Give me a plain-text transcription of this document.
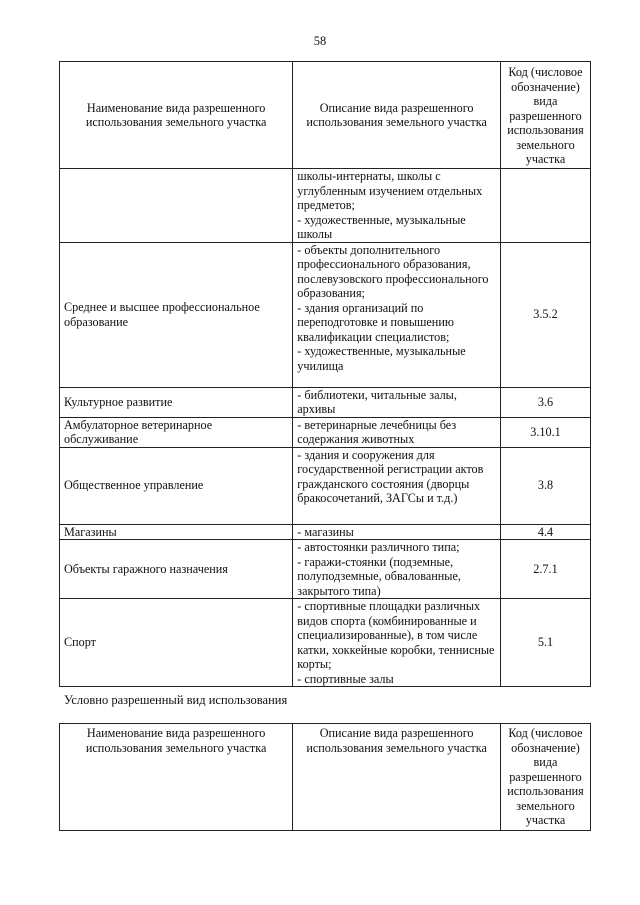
58
Наименование вида разрешенного использования земельного участка	Описание вида разрешенного использования земельного участка	Код (числовое обозначение) вида разрешенного использования земельного участка

	школы-интернаты, школы с углубленным изучением отдельных предметов;
- художественные, музыкальные школы	

Среднее и высшее профессиональное образование	- объекты дополнительного профессионального образования, послевузовского профессионального образования;
- здания организаций по переподготовке и повышению квалификации специалистов;
- художественные, музыкальные училища	3.5.2
Культурное развитие	- библиотеки, читальные залы, архивы	3.6
Амбулаторное ветеринарное обслуживание	- ветеринарные лечебницы без содержания животных	3.10.1
Общественное управление	- здания и сооружения для государственной регистрации актов гражданского состояния (дворцы бракосочетаний, ЗАГСы и т.д.)	3.8
Магазины	- магазины	4.4
Объекты гаражного назначения	- автостоянки различного типа;
- гаражи-стоянки (подземные, полуподземные, обвалованные, закрытого типа)	2.7.1
Спорт	- спортивные площадки различных видов спорта (комбинированные и специализированные), в том числе катки, хоккейные коробки, теннисные корты;
- спортивные залы	5.1
Условно разрешенный вид использования
Наименование вида разрешенного использования земельного участка	Описание вида разрешенного использования земельного участка	Код (числовое обозначение) вида разрешенного использования земельного участка
